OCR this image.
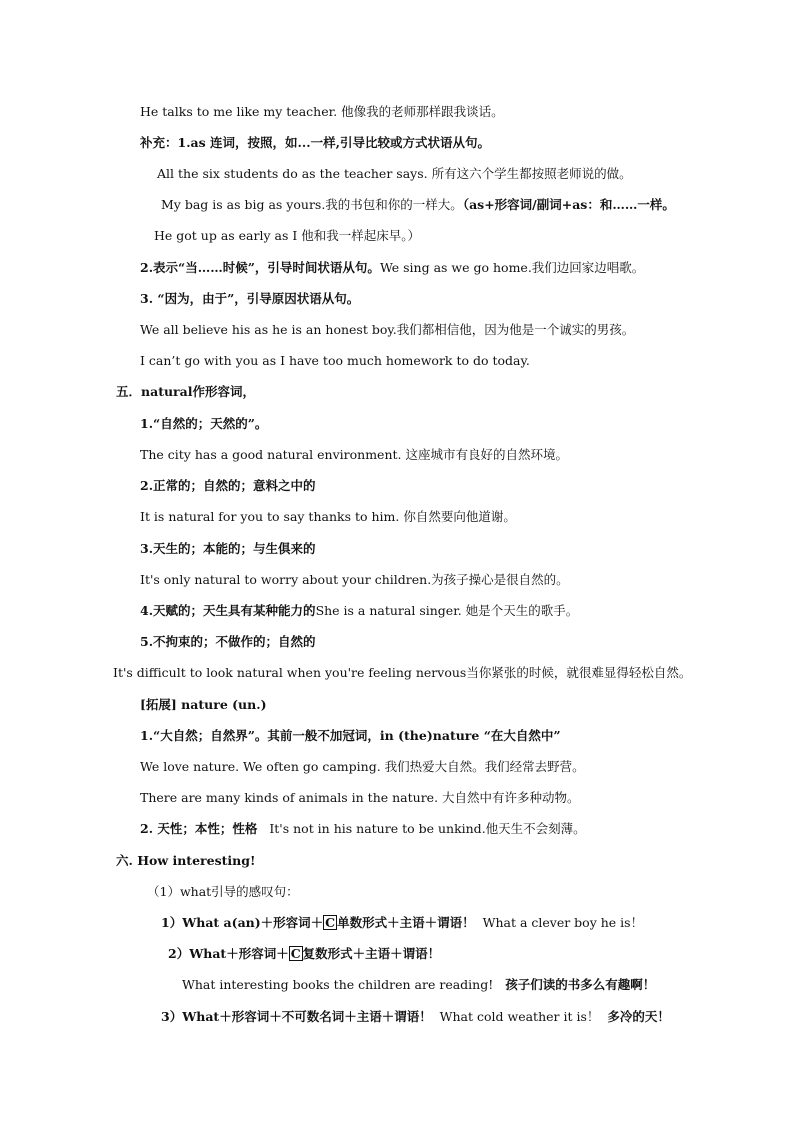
He talks to me like my teacher. 他像我的老师那样跟我谈话。
补充：1.as 连词，按照，如...一样,引导比较或方式状语从句。
All the six students do as the teacher says. 所有这六个学生都按照老师说的做。
My bag is as big as yours.我的书包和你的一样大。（as+形容词/副词+as：和……一样。
He got up as early as I 他和我一样起床早。）
2.表示“当……时候”，引导时间状语从句。We sing as we go home.我们边回家边唱歌。
3. “因为，由于”，引导原因状语从句。
We all believe his as he is an honest boy.我们都相信他，因为他是一个诚实的男孩。
I can’t go with you as I have too much homework to do today.
五．natural作形容词，
1.“自然的；天然的”。
The city has a good natural environment. 这座城市有良好的自然环境。
2.正常的；自然的；意料之中的
It is natural for you to say thanks to him. 你自然要向他道谢。
3.天生的；本能的；与生俱来的
It's only natural to worry about your children.为孩子操心是很自然的。
4.天赋的；天生具有某种能力的She is a natural singer. 她是个天生的歌手。
5.不拘束的；不做作的；自然的
It's difficult to look natural when you're feeling nervous当你紧张的时候，就很难显得轻松自然。
[拓展] nature (un.)
1.“大自然；自然界”。其前一般不加冠词，in (the)nature “在大自然中”
We love nature. We often go camping. 我们热爱大自然。我们经常去野营。
There are many kinds of animals in the nature. 大自然中有许多种动物。
2. 天性；本性；性格 It's not in his nature to be unkind.他天生不会刻薄。
六. How interesting!
（1）what引导的感叹句：
1）What a(an)＋形容词＋ C 单数形式＋主语＋谓语！ What a clever boy he is！
2）What＋形容词＋ C 复数形式＋主语＋谓语！
What interesting books the children are reading! 孩子们读的书多么有趣啊！
3）What＋形容词＋不可数名词＋主语＋谓语！ What cold weather it is！ 多冷的天！
